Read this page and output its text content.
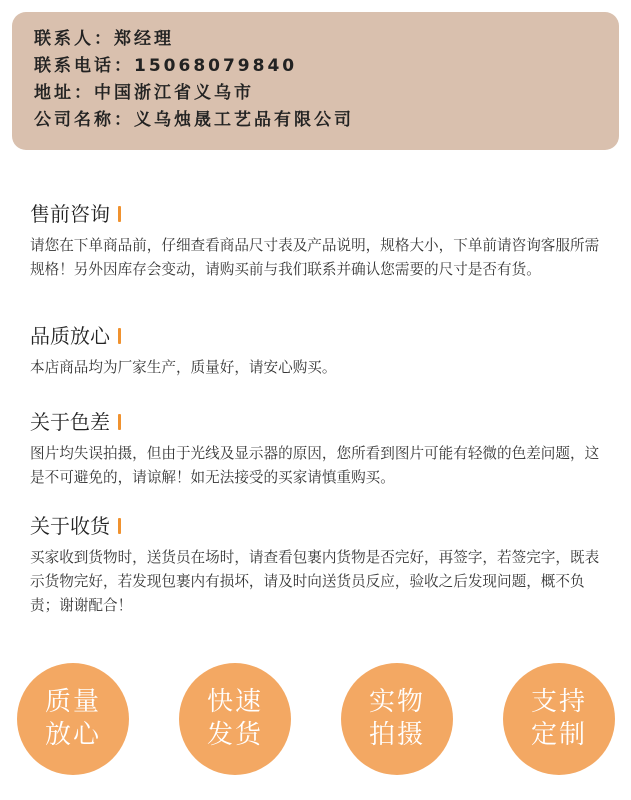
联系人：郑经理
联系电话：15068079840
地址：中国浙江省义乌市
公司名称：义乌烛晟工艺品有限公司
售前咨询
请您在下单商品前，仔细查看商品尺寸表及产品说明，规格大小，下单前请咨询客服所需规格！另外因库存会变动，请购买前与我们联系并确认您需要的尺寸是否有货。
品质放心
本店商品均为厂家生产，质量好，请安心购买。
关于色差
图片均失误拍摄，但由于光线及显示器的原因，您所看到图片可能有轻微的色差问题，这是不可避免的，请谅解！如无法接受的买家请慎重购买。
关于收货
买家收到货物时，送货员在场时，请查看包裹内货物是否完好，再签字，若签完字，既表示货物完好，若发现包裹内有损坏，请及时向送货员反应，验收之后发现问题，概不负责；谢谢配合！
质量
放心
快速
发货
实物
拍摄
支持
定制
